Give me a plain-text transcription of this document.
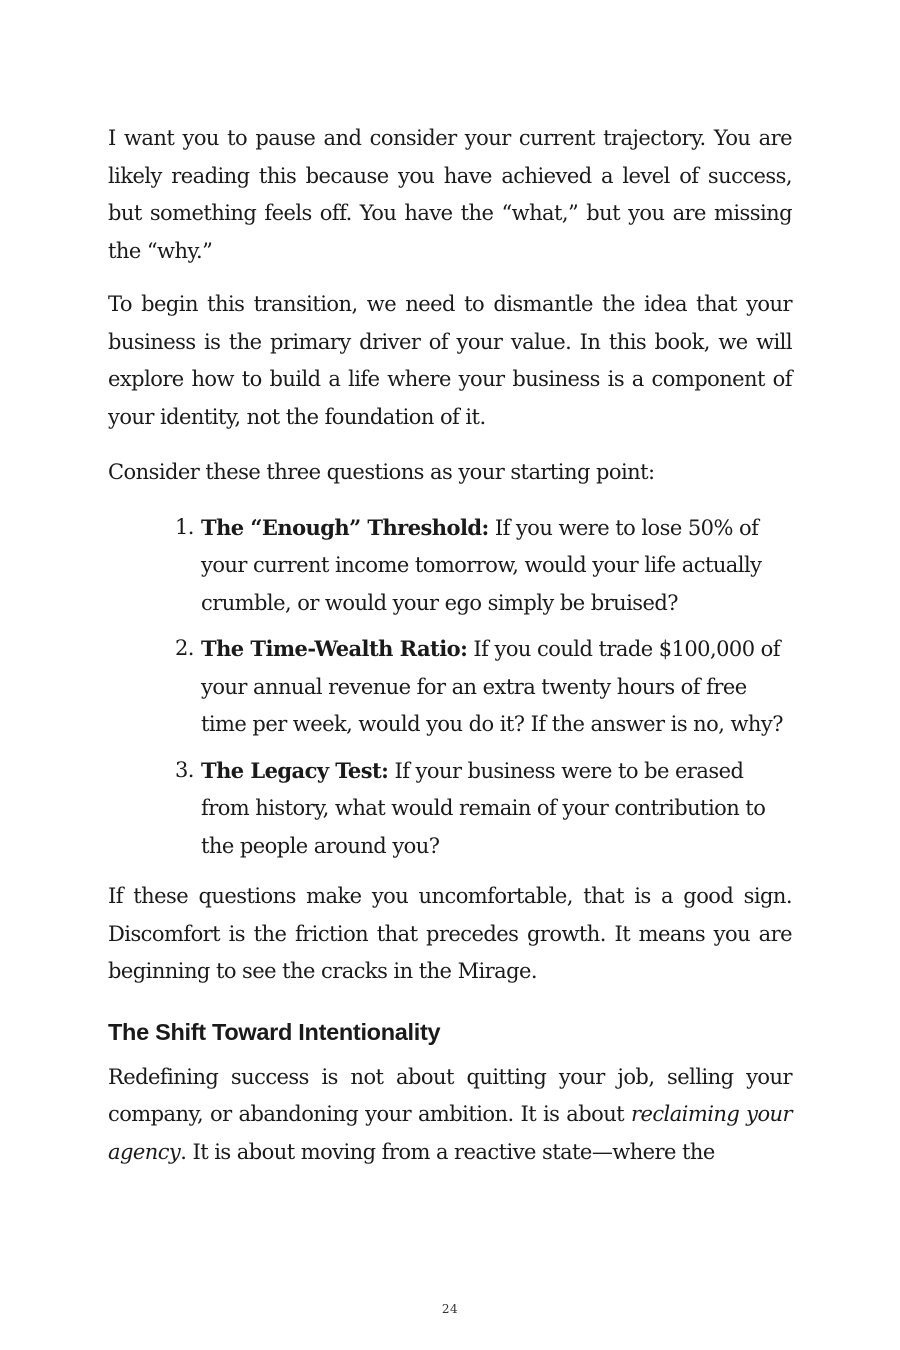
I want you to pause and consider your current trajectory. You are likely reading this because you have achieved a level of success, but something feels off. You have the “what,” but you are missing the “why.”

To begin this transition, we need to dismantle the idea that your business is the primary driver of your value. In this book, we will explore how to build a life where your business is a component of your identity, not the foundation of it.

Consider these three questions as your starting point:

1. The “Enough” Threshold: If you were to lose 50% of your current income tomorrow, would your life actually crumble, or would your ego simply be bruised?
2. The Time-Wealth Ratio: If you could trade $100,000 of your annual revenue for an extra twenty hours of free time per week, would you do it? If the answer is no, why?
3. The Legacy Test: If your business were to be erased from history, what would remain of your contribution to the people around you?

If these questions make you uncomfortable, that is a good sign. Discomfort is the friction that precedes growth. It means you are beginning to see the cracks in the Mirage.

The Shift Toward Intentionality

Redefining success is not about quitting your job, selling your company, or abandoning your ambition. It is about reclaiming your agency. It is about moving from a reactive state—where the

24
